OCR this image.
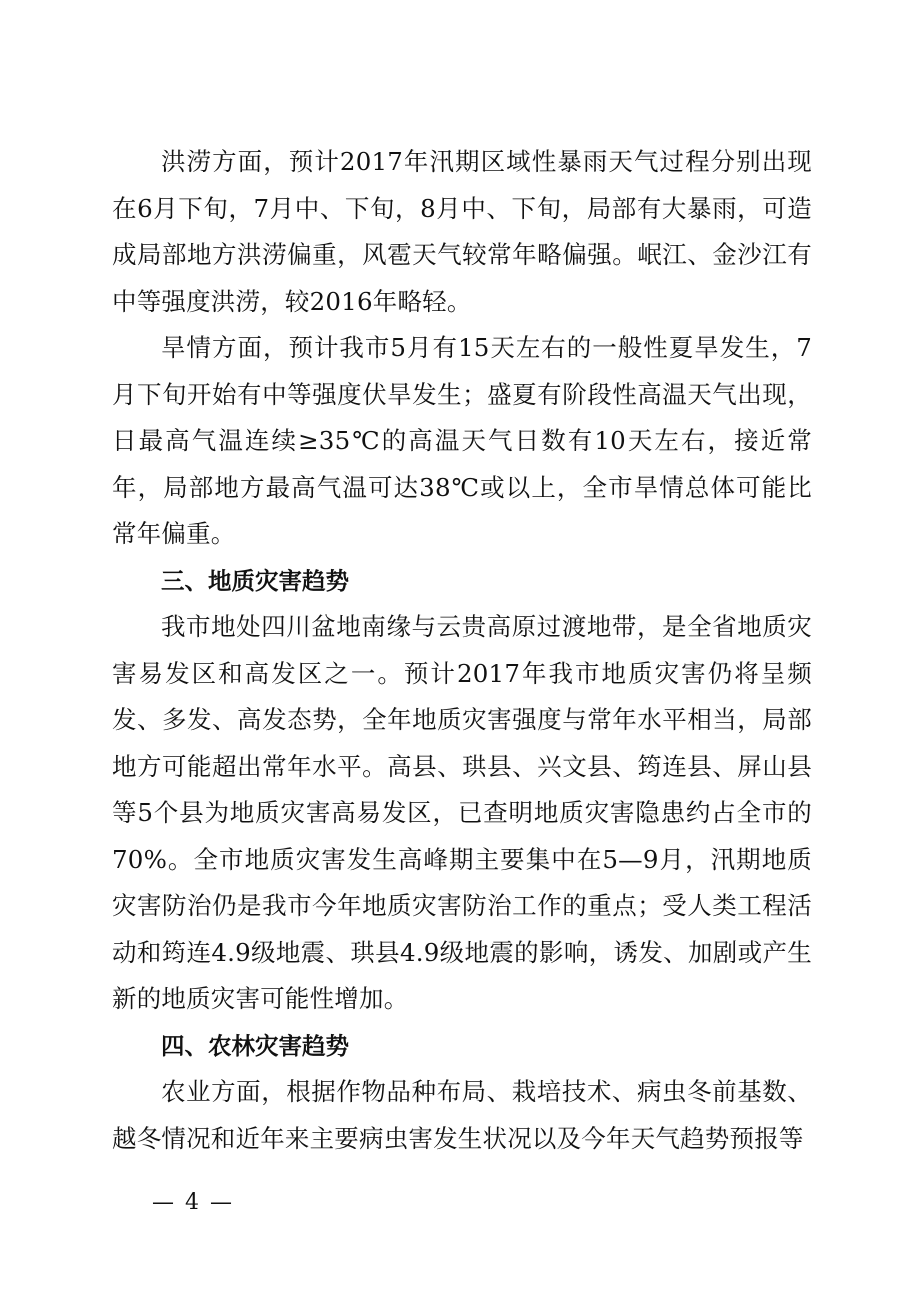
洪涝方面，预计2017年汛期区域性暴雨天气过程分别出现在6月下旬，7月中、下旬，8月中、下旬，局部有大暴雨，可造成局部地方洪涝偏重，风雹天气较常年略偏强。岷江、金沙江有中等强度洪涝，较2016年略轻。

旱情方面，预计我市5月有15天左右的一般性夏旱发生，7月下旬开始有中等强度伏旱发生；盛夏有阶段性高温天气出现，日最高气温连续≥35℃的高温天气日数有10天左右，接近常年，局部地方最高气温可达38℃或以上，全市旱情总体可能比常年偏重。

三、地质灾害趋势

我市地处四川盆地南缘与云贵高原过渡地带，是全省地质灾害易发区和高发区之一。预计2017年我市地质灾害仍将呈频发、多发、高发态势，全年地质灾害强度与常年水平相当，局部地方可能超出常年水平。高县、珙县、兴文县、筠连县、屏山县等5个县为地质灾害高易发区，已查明地质灾害隐患约占全市的70%。全市地质灾害发生高峰期主要集中在5—9月，汛期地质灾害防治仍是我市今年地质灾害防治工作的重点；受人类工程活动和筠连4.9级地震、珙县4.9级地震的影响，诱发、加剧或产生新的地质灾害可能性增加。

四、农林灾害趋势

农业方面，根据作物品种布局、栽培技术、病虫冬前基数、越冬情况和近年来主要病虫害发生状况以及今年天气趋势预报等

— 4 —
